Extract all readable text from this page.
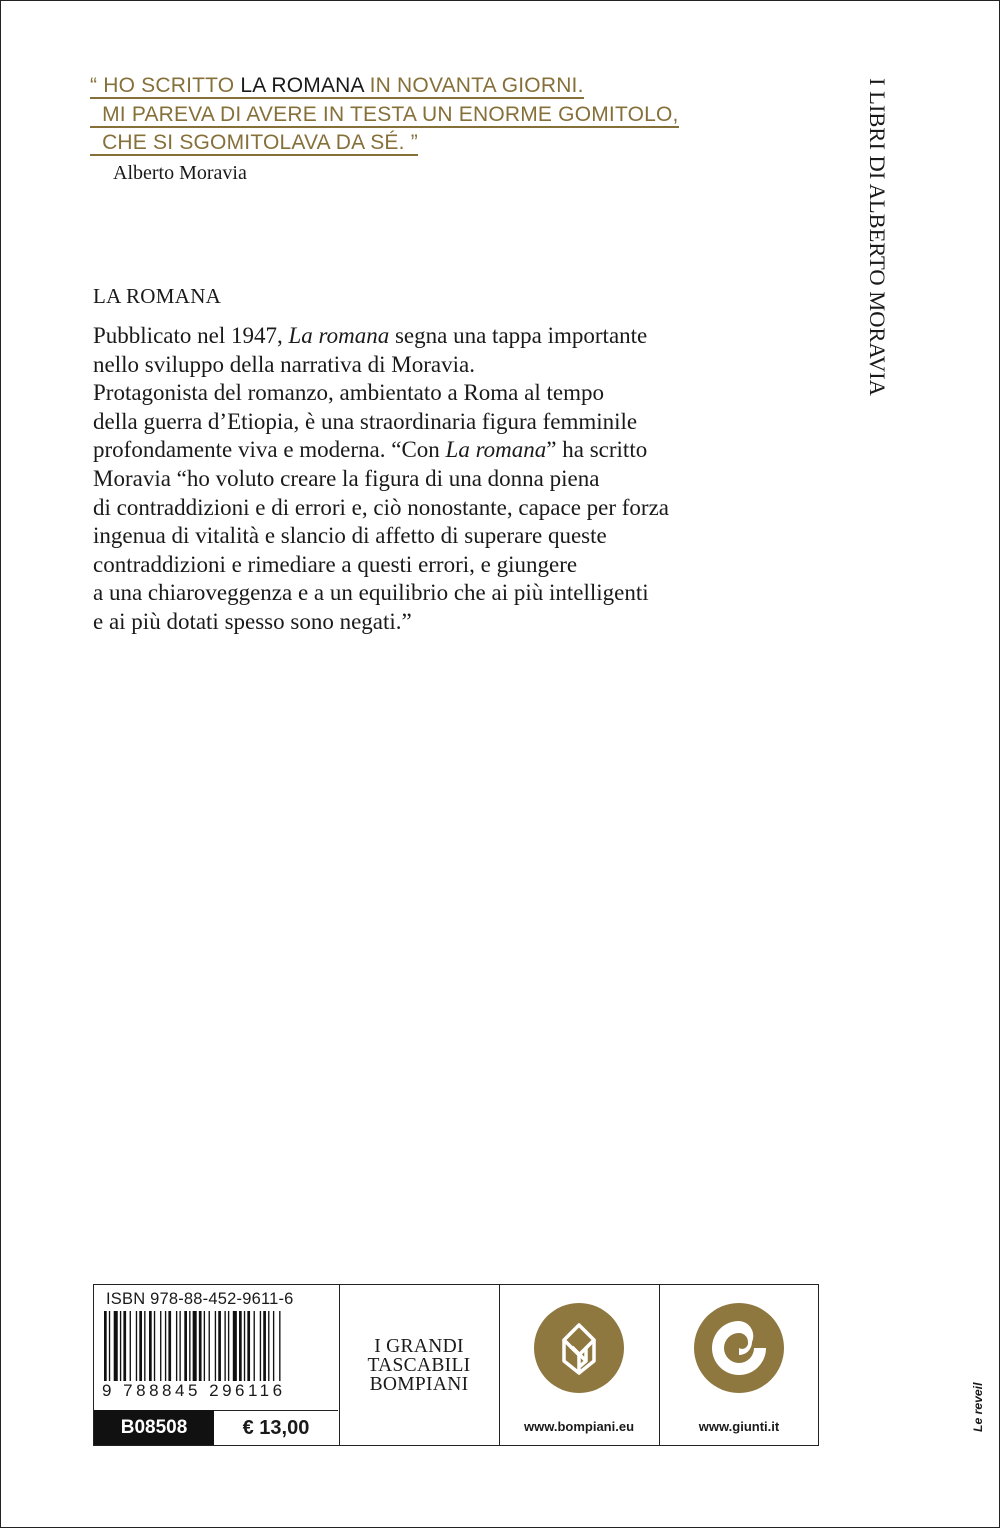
“ HO SCRITTO LA ROMANA IN NOVANTA GIORNI.
MI PAREVA DI AVERE IN TESTA UN ENORME GOMITOLO,
CHE SI SGOMITOLAVA DA SÉ. ”
Alberto Moravia	I LIBRI DI ALBERTO MORAVIA
LA ROMANA
Pubblicato nel 1947, La romana segna una tappa importante
nello sviluppo della narrativa di Moravia.
Protagonista del romanzo, ambientato a Roma al tempo
della guerra d’Etiopia, è una straordinaria figura femminile
profondamente viva e moderna. “Con La romana” ha scritto
Moravia “ho voluto creare la figura di una donna piena
di contraddizioni e di errori e, ciò nonostante, capace per forza
ingenua di vitalità e slancio di affetto di superare queste
contraddizioni e rimediare a questi errori, e giungere
a una chiaroveggenza e a un equilibrio che ai più intelligenti
e ai più dotati spesso sono negati.”
Le reveil
ISBN 978-88-452-9611-6
9 788845 296116
B08508	€ 13,00
I GRANDI
TASCABILI
BOMPIANI
www.bompiani.eu	www.giunti.it
